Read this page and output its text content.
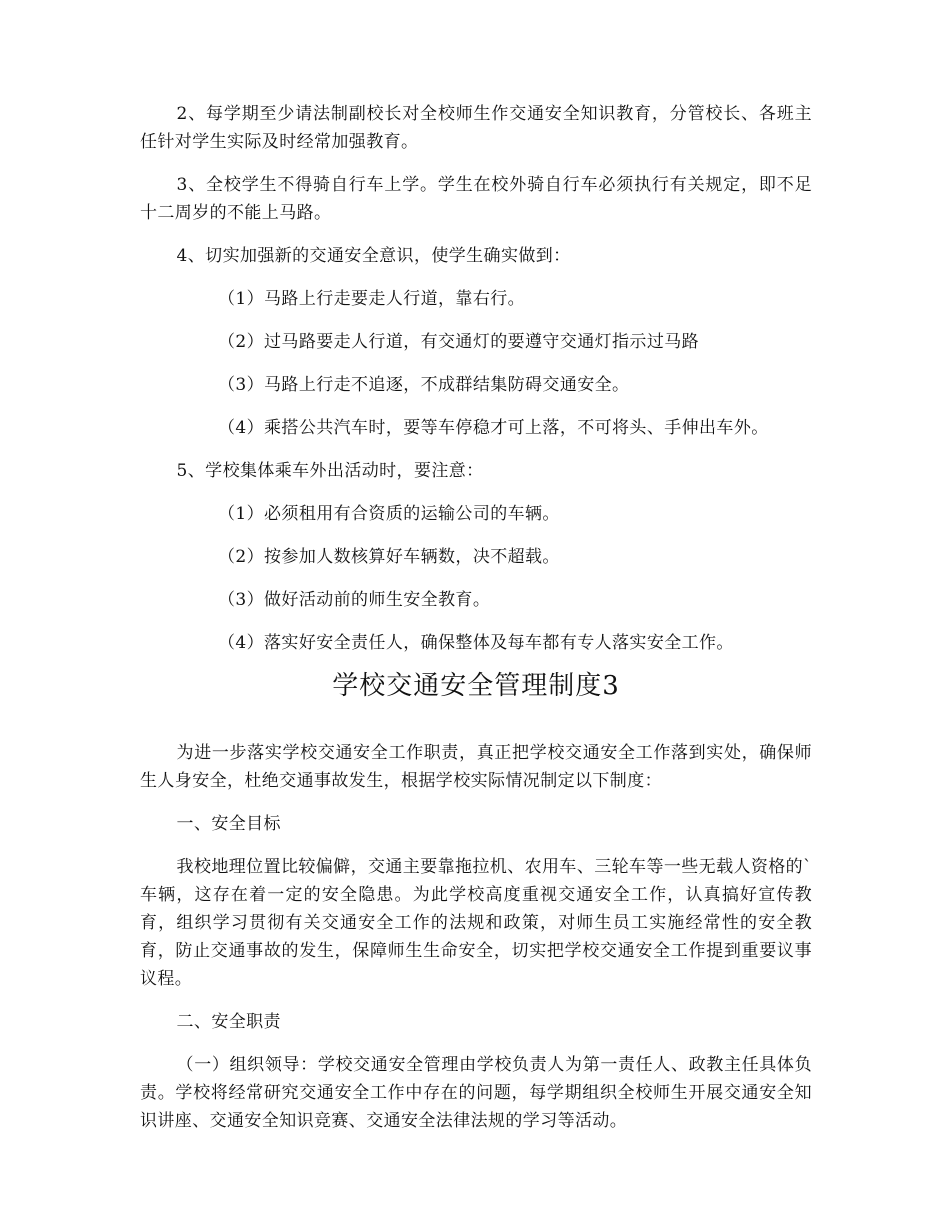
2、每学期至少请法制副校长对全校师生作交通安全知识教育，分管校长、各班主任针对学生实际及时经常加强教育。

3、全校学生不得骑自行车上学。学生在校外骑自行车必须执行有关规定，即不足十二周岁的不能上马路。

4、切实加强新的交通安全意识，使学生确实做到：

（1）马路上行走要走人行道，靠右行。

（2）过马路要走人行道，有交通灯的要遵守交通灯指示过马路

（3）马路上行走不追逐，不成群结集防碍交通安全。

（4）乘搭公共汽车时，要等车停稳才可上落，不可将头、手伸出车外。

5、学校集体乘车外出活动时，要注意：

（1）必须租用有合资质的运输公司的车辆。

（2）按参加人数核算好车辆数，决不超载。

（3）做好活动前的师生安全教育。

（4）落实好安全责任人，确保整体及每车都有专人落实安全工作。

学校交通安全管理制度3

为进一步落实学校交通安全工作职责，真正把学校交通安全工作落到实处，确保师生人身安全，杜绝交通事故发生，根据学校实际情况制定以下制度：

一、安全目标

我校地理位置比较偏僻，交通主要靠拖拉机、农用车、三轮车等一些无载人资格的`车辆，这存在着一定的安全隐患。为此学校高度重视交通安全工作，认真搞好宣传教育，组织学习贯彻有关交通安全工作的法规和政策，对师生员工实施经常性的安全教育，防止交通事故的发生，保障师生生命安全，切实把学校交通安全工作提到重要议事议程。

二、安全职责

（一）组织领导：学校交通安全管理由学校负责人为第一责任人、政教主任具体负责。学校将经常研究交通安全工作中存在的问题，每学期组织全校师生开展交通安全知识讲座、交通安全知识竞赛、交通安全法律法规的学习等活动。
